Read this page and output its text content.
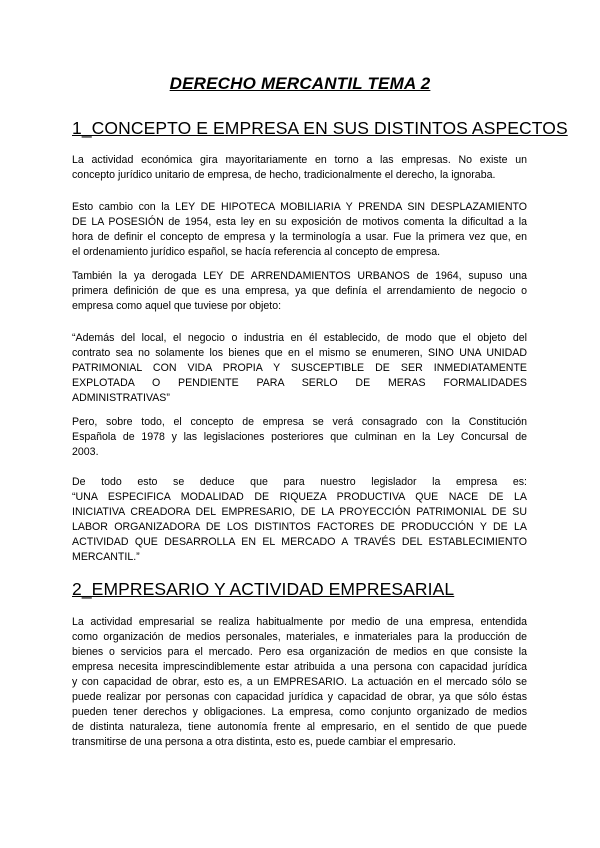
DERECHO MERCANTIL TEMA 2
1_CONCEPTO E EMPRESA EN SUS DISTINTOS ASPECTOS

La actividad económica gira mayoritariamente en torno a las empresas. No existe un
concepto jurídico unitario de empresa, de hecho, tradicionalmente el derecho, la ignoraba.

Esto cambio con la LEY DE HIPOTECA MOBILIARIA Y PRENDA SIN DESPLAZAMIENTO
DE LA POSESIÓN de 1954, esta ley en su exposición de motivos comenta la dificultad a la
hora de definir el concepto de empresa y la terminología a usar. Fue la primera vez que, en
el ordenamiento jurídico español, se hacía referencia al concepto de empresa.

También la ya derogada LEY DE ARRENDAMIENTOS URBANOS de 1964, supuso una
primera definición de que es una empresa, ya que definía el arrendamiento de negocio o
empresa como aquel que tuviese por objeto:

“Además del local, el negocio o industria en él establecido, de modo que el objeto del
contrato sea no solamente los bienes que en el mismo se enumeren, SINO UNA UNIDAD
PATRIMONIAL CON VIDA PROPIA Y SUSCEPTIBLE DE SER INMEDIATAMENTE
EXPLOTADA O PENDIENTE PARA SERLO DE MERAS FORMALIDADES
ADMINISTRATIVAS”

Pero, sobre todo, el concepto de empresa se verá consagrado con la Constitución
Española de 1978 y las legislaciones posteriores que culminan en la Ley Concursal de
2003.

De todo esto se deduce que para nuestro legislador la empresa es:
“UNA ESPECIFICA MODALIDAD DE RIQUEZA PRODUCTIVA QUE NACE DE LA
INICIATIVA CREADORA DEL EMPRESARIO, DE LA PROYECCIÓN PATRIMONIAL DE SU
LABOR ORGANIZADORA DE LOS DISTINTOS FACTORES DE PRODUCCIÓN Y DE LA
ACTIVIDAD QUE DESARROLLA EN EL MERCADO A TRAVÉS DEL ESTABLECIMIENTO
MERCANTIL.”

2_EMPRESARIO Y ACTIVIDAD EMPRESARIAL

La actividad empresarial se realiza habitualmente por medio de una empresa, entendida
como organización de medios personales, materiales, e inmateriales para la producción de
bienes o servicios para el mercado. Pero esa organización de medios en que consiste la
empresa necesita imprescindiblemente estar atribuida a una persona con capacidad jurídica
y con capacidad de obrar, esto es, a un EMPRESARIO. La actuación en el mercado sólo se
puede realizar por personas con capacidad jurídica y capacidad de obrar, ya que sólo éstas
pueden tener derechos y obligaciones. La empresa, como conjunto organizado de medios
de distinta naturaleza, tiene autonomía frente al empresario, en el sentido de que puede
transmitirse de una persona a otra distinta, esto es, puede cambiar el empresario.
